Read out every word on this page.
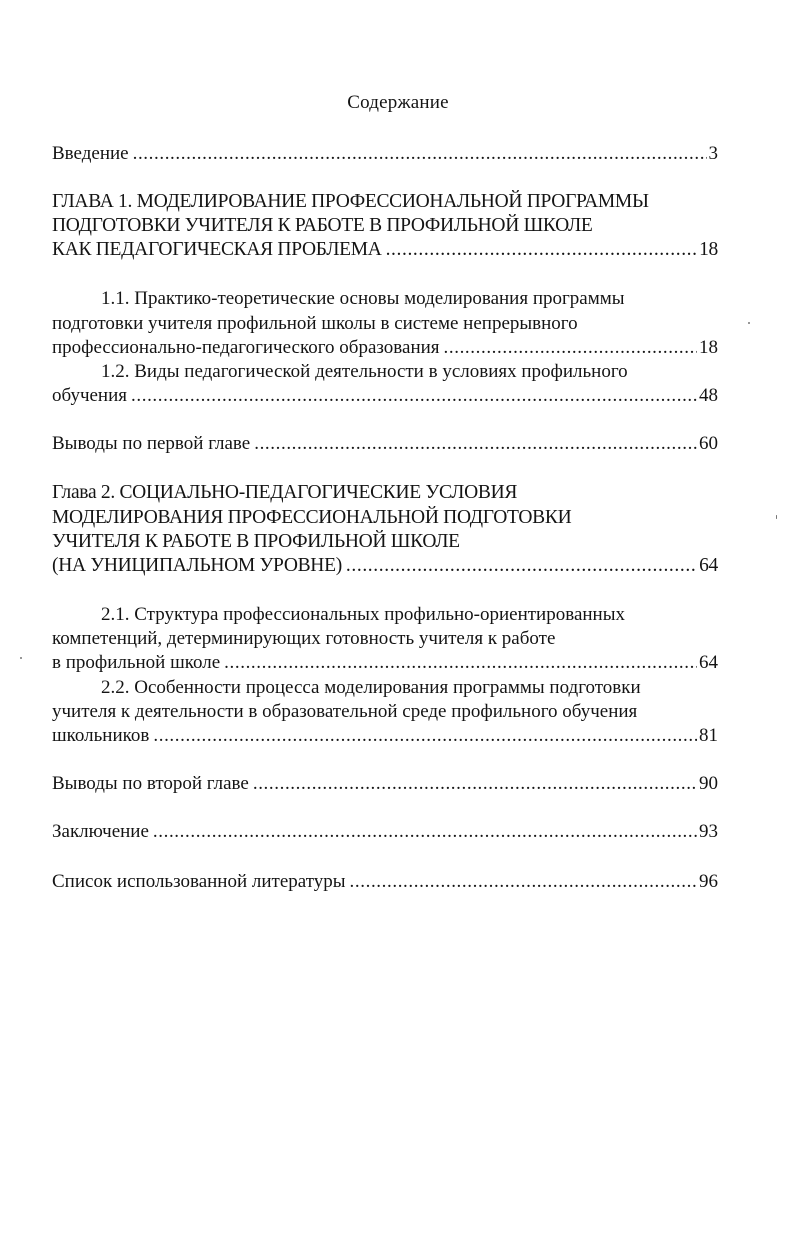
Содержание
Введение .....	3
ГЛАВА 1. МОДЕЛИРОВАНИЕ ПРОФЕССИОНАЛЬНОЙ ПРОГРАММЫ
ПОДГОТОВКИ УЧИТЕЛЯ К РАБОТЕ В ПРОФИЛЬНОЙ ШКОЛЕ
КАК ПЕДАГОГИЧЕСКАЯ ПРОБЛЕМА .....	18
1.1. Практико-теоретические основы моделирования программы
подготовки учителя профильной школы в системе непрерывного
профессионально-педагогического образования .....	18
1.2. Виды педагогической деятельности в условиях профильного
обучения .....	48
Выводы по первой главе .....	60
Глава 2. СОЦИАЛЬНО-ПЕДАГОГИЧЕСКИЕ УСЛОВИЯ
МОДЕЛИРОВАНИЯ ПРОФЕССИОНАЛЬНОЙ ПОДГОТОВКИ
УЧИТЕЛЯ К РАБОТЕ В ПРОФИЛЬНОЙ ШКОЛЕ
(НА УНИЦИПАЛЬНОМ УРОВНЕ) .....	64
2.1. Структура профессиональных профильно-ориентированных
компетенций, детерминирующих готовность учителя к работе
в профильной школе .....	64
2.2. Особенности процесса моделирования программы подготовки
учителя к деятельности в образовательной среде профильного обучения
школьников .....	81
Выводы по второй главе .....	90
Заключение .....	93
Список использованной литературы .....	96
